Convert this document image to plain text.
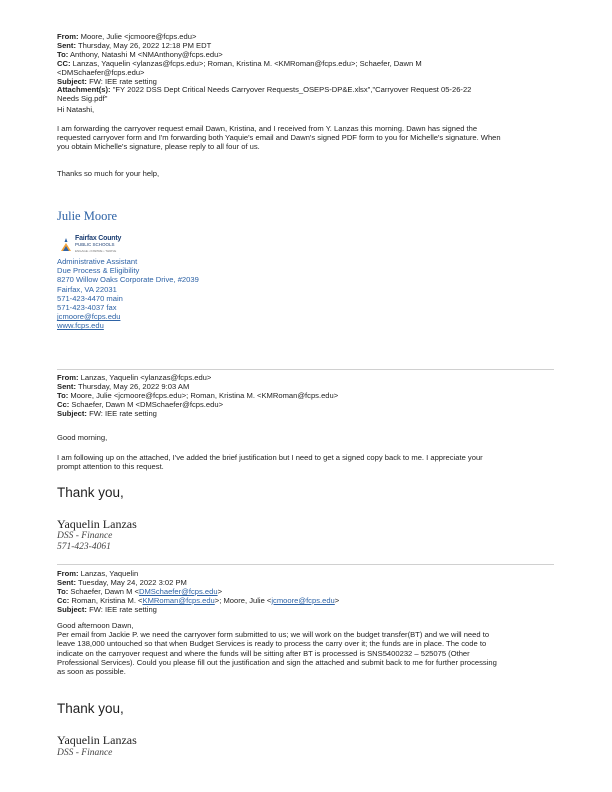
From: Moore, Julie <jcmoore@fcps.edu>
Sent: Thursday, May 26, 2022 12:18 PM EDT
To: Anthony, Natashi M <NMAnthony@fcps.edu>
CC: Lanzas, Yaquelin <ylanzas@fcps.edu>; Roman, Kristina M. <KMRoman@fcps.edu>; Schaefer, Dawn M
<DMSchaefer@fcps.edu>
Subject: FW: IEE rate setting
Attachment(s): "FY 2022 DSS Dept Critical Needs Carryover Requests_OSEPS-DP&E.xlsx","Carryover Request 05-26-22
Needs Sig.pdf"
Hi Natashi,
I am forwarding the carryover request email Dawn, Kristina, and I received from Y. Lanzas this morning. Dawn has signed the
requested carryover form and I'm forwarding both Yaquie's email and Dawn's signed PDF form to you for Michelle's signature. When
you obtain Michelle's signature, please reply to all four of us.
Thanks so much for your help,
Julie Moore
Fairfax County
PUBLIC SCHOOLS
ENGAGE • INSPIRE • THRIVE
Administrative Assistant
Due Process & Eligibility
8270 Willow Oaks Corporate Drive, #2039
Fairfax, VA 22031
571-423-4470 main
571-423-4037 fax
jcmoore@fcps.edu
www.fcps.edu
From: Lanzas, Yaquelin <ylanzas@fcps.edu>
Sent: Thursday, May 26, 2022 9:03 AM
To: Moore, Julie <jcmoore@fcps.edu>; Roman, Kristina M. <KMRoman@fcps.edu>
Cc: Schaefer, Dawn M <DMSchaefer@fcps.edu>
Subject: FW: IEE rate setting
Good morning,
I am following up on the attached, I've added the brief justification but I need to get a signed copy back to me. I appreciate your
prompt attention to this request.
Thank you,
Yaquelin Lanzas
DSS - Finance
571-423-4061
From: Lanzas, Yaquelin
Sent: Tuesday, May 24, 2022 3:02 PM
To: Schaefer, Dawn M <DMSchaefer@fcps.edu>
Cc: Roman, Kristina M. <KMRoman@fcps.edu>; Moore, Julie <jcmoore@fcps.edu>
Subject: FW: IEE rate setting
Good afternoon Dawn,
Per email from Jackie P. we need the carryover form submitted to us; we will work on the budget transfer(BT) and we will need to
leave 138,000 untouched so that when Budget Services is ready to process the carry over it; the funds are in place. The code to
indicate on the carryover request and where the funds will be sitting after BT is processed is SNS5400232 – 525075 (Other
Professional Services). Could you please fill out the justification and sign the attached and submit back to me for further processing
as soon as possible.
Thank you,
Yaquelin Lanzas
DSS - Finance
